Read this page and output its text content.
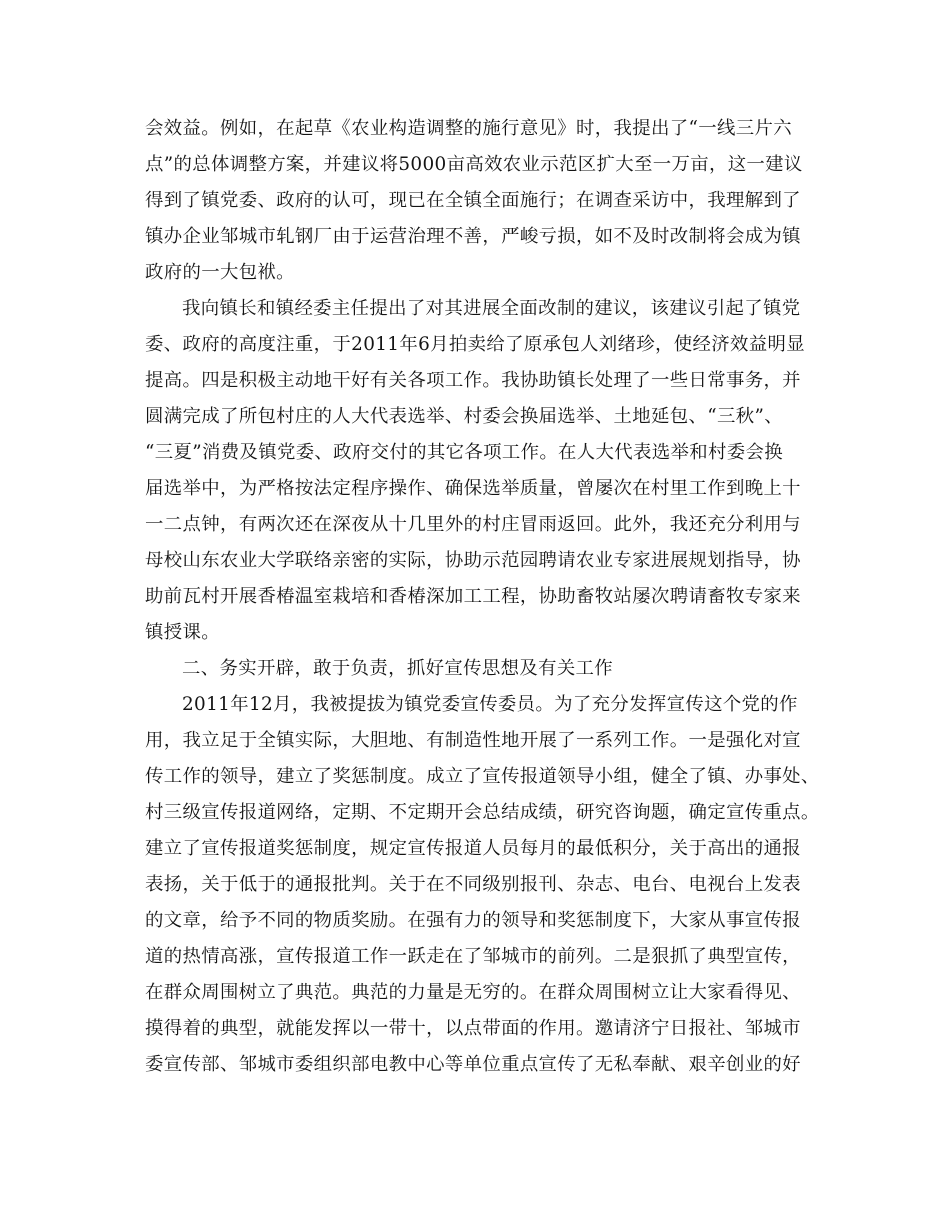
会效益。例如，在起草《农业构造调整的施行意见》时，我提出了“一线三片六
点”的总体调整方案，并建议将5000亩高效农业示范区扩大至一万亩，这一建议
得到了镇党委、政府的认可，现已在全镇全面施行；在调查采访中，我理解到了
镇办企业邹城市轧钢厂由于运营治理不善，严峻亏损，如不及时改制将会成为镇
政府的一大包袱。
我向镇长和镇经委主任提出了对其进展全面改制的建议，该建议引起了镇党
委、政府的高度注重，于2011年6月拍卖给了原承包人刘绪珍，使经济效益明显
提高。四是积极主动地干好有关各项工作。我协助镇长处理了一些日常事务，并
圆满完成了所包村庄的人大代表选举、村委会换届选举、土地延包、“三秋”、
“三夏”消费及镇党委、政府交付的其它各项工作。在人大代表选举和村委会换
届选举中，为严格按法定程序操作、确保选举质量，曾屡次在村里工作到晚上十
一二点钟，有两次还在深夜从十几里外的村庄冒雨返回。此外，我还充分利用与
母校山东农业大学联络亲密的实际，协助示范园聘请农业专家进展规划指导，协
助前瓦村开展香椿温室栽培和香椿深加工工程，协助畜牧站屡次聘请畜牧专家来
镇授课。
二、务实开辟，敢于负责，抓好宣传思想及有关工作
2011年12月，我被提拔为镇党委宣传委员。为了充分发挥宣传这个党的作
用，我立足于全镇实际，大胆地、有制造性地开展了一系列工作。一是强化对宣
传工作的领导，建立了奖惩制度。成立了宣传报道领导小组，健全了镇、办事处、
村三级宣传报道网络，定期、不定期开会总结成绩，研究咨询题，确定宣传重点。
建立了宣传报道奖惩制度，规定宣传报道人员每月的最低积分，关于高出的通报
表扬，关于低于的通报批判。关于在不同级别报刊、杂志、电台、电视台上发表
的文章，给予不同的物质奖励。在强有力的领导和奖惩制度下，大家从事宣传报
道的热情高涨，宣传报道工作一跃走在了邹城市的前列。二是狠抓了典型宣传，
在群众周围树立了典范。典范的力量是无穷的。在群众周围树立让大家看得见、
摸得着的典型，就能发挥以一带十，以点带面的作用。邀请济宁日报社、邹城市
委宣传部、邹城市委组织部电教中心等单位重点宣传了无私奉献、艰辛创业的好
